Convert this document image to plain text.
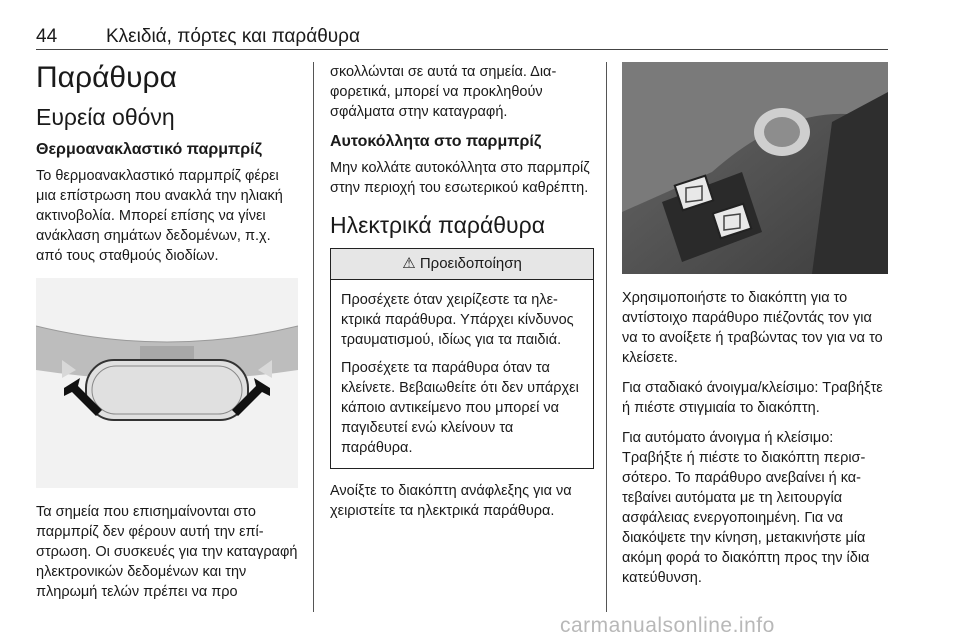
44	Κλειδιά, πόρτες και παράθυρα
Παράθυρα
Ευρεία οθόνη
Θερμοανακλαστικό παρμπρίζ

Το θερμοανακλαστικό παρμπρίζ φέρει μια επίστρωση που ανακλά την ηλιακή ακτινοβολία. Μπορεί επίσης να γίνει ανάκλαση σημάτων δεδομένων, π.χ. από τους σταθμούς διοδίων.

Τα σημεία που επισημαίνονται στο παρμπρίζ δεν φέρουν αυτή την επίστρωση. Οι συσκευές για την καταγραφή ηλεκτρονικών δεδομένων και την πληρωμή τελών πρέπει να προ

σκολλώνται σε αυτά τα σημεία. Διαφορετικά, μπορεί να προκληθούν σφάλματα στην καταγραφή.

Αυτοκόλλητα στο παρμπρίζ

Μην κολλάτε αυτοκόλλητα στο παρμπρίζ στην περιοχή του εσωτερικού καθρέπτη.

Ηλεκτρικά παράθυρα
⚠ Προειδοποίηση

Προσέχετε όταν χειρίζεστε τα ηλεκτρικά παράθυρα. Υπάρχει κίνδυνος τραυματισμού, ιδίως για τα παιδιά.

Προσέχετε τα παράθυρα όταν τα κλείνετε. Βεβαιωθείτε ότι δεν υπάρχει κάποιο αντικείμενο που μπορεί να παγιδευτεί ενώ κλείνουν τα παράθυρα.

Ανοίξτε το διακόπτη ανάφλεξης για να χειριστείτε τα ηλεκτρικά παράθυρα.

Χρησιμοποιήστε το διακόπτη για το αντίστοιχο παράθυρο πιέζοντάς τον για να το ανοίξετε ή τραβώντας τον για να το κλείσετε.

Για σταδιακό άνοιγμα/κλείσιμο: Τραβήξτε ή πιέστε στιγμιαία το διακόπτη.

Για αυτόματο άνοιγμα ή κλείσιμο: Τραβήξτε ή πιέστε το διακόπτη περισσότερο. Το παράθυρο ανεβαίνει ή κατεβαίνει αυτόματα με τη λειτουργία ασφάλειας ενεργοποιημένη. Για να διακόψετε την κίνηση, μετακινήστε μία ακόμη φορά το διακόπτη προς την ίδια κατεύθυνση.

carmanualsonline.info
